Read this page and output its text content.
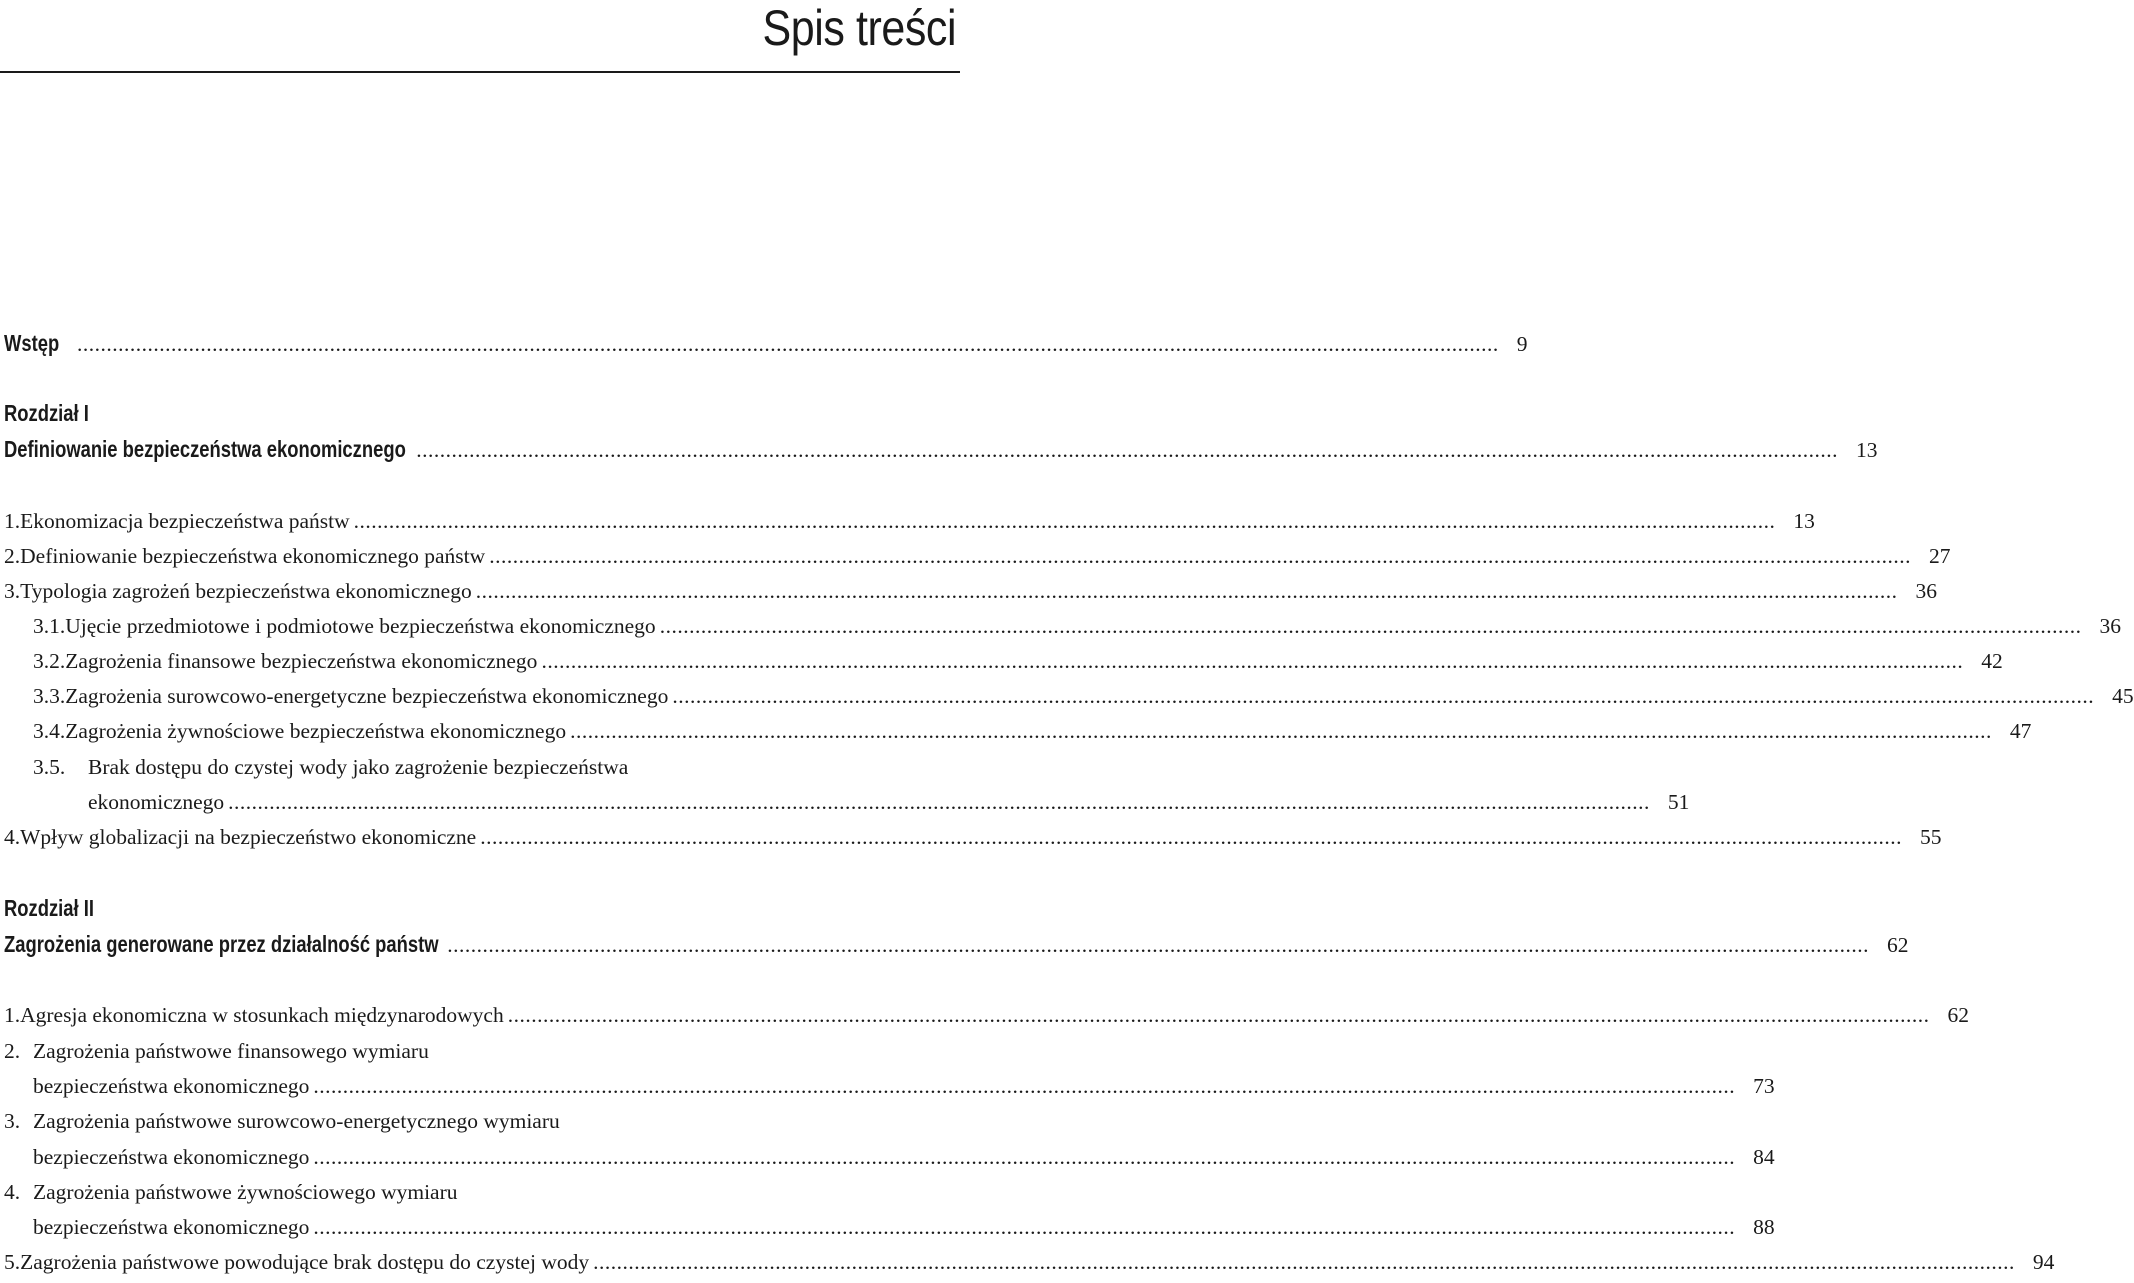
Spis treści
Wstęp .....	9
Rozdział I
Definiowanie bezpieczeństwa ekonomicznego .....	13
1. Ekonomizacja bezpieczeństwa państw .....	13
2. Definiowanie bezpieczeństwa ekonomicznego państw .....	27
3. Typologia zagrożeń bezpieczeństwa ekonomicznego .....	36
3.1. Ujęcie przedmiotowe i podmiotowe bezpieczeństwa ekonomicznego .....	36
3.2. Zagrożenia finansowe bezpieczeństwa ekonomicznego .....	42
3.3. Zagrożenia surowcowo-energetyczne bezpieczeństwa ekonomicznego .....	45
3.4. Zagrożenia żywnościowe bezpieczeństwa ekonomicznego .....	47
3.5.	Brak dostępu do czystej wody jako zagrożenie bezpieczeństwa
ekonomicznego .....	51
4. Wpływ globalizacji na bezpieczeństwo ekonomiczne .....	55
Rozdział II
Zagrożenia generowane przez działalność państw .....	62
1. Agresja ekonomiczna w stosunkach międzynarodowych .....	62
2. Zagrożenia państwowe finansowego wymiaru
bezpieczeństwa ekonomicznego .....	73
3. Zagrożenia państwowe surowcowo-energetycznego wymiaru
bezpieczeństwa ekonomicznego .....	84
4. Zagrożenia państwowe żywnościowego wymiaru
bezpieczeństwa ekonomicznego .....	88
5. Zagrożenia państwowe powodujące brak dostępu do czystej wody .....	94
